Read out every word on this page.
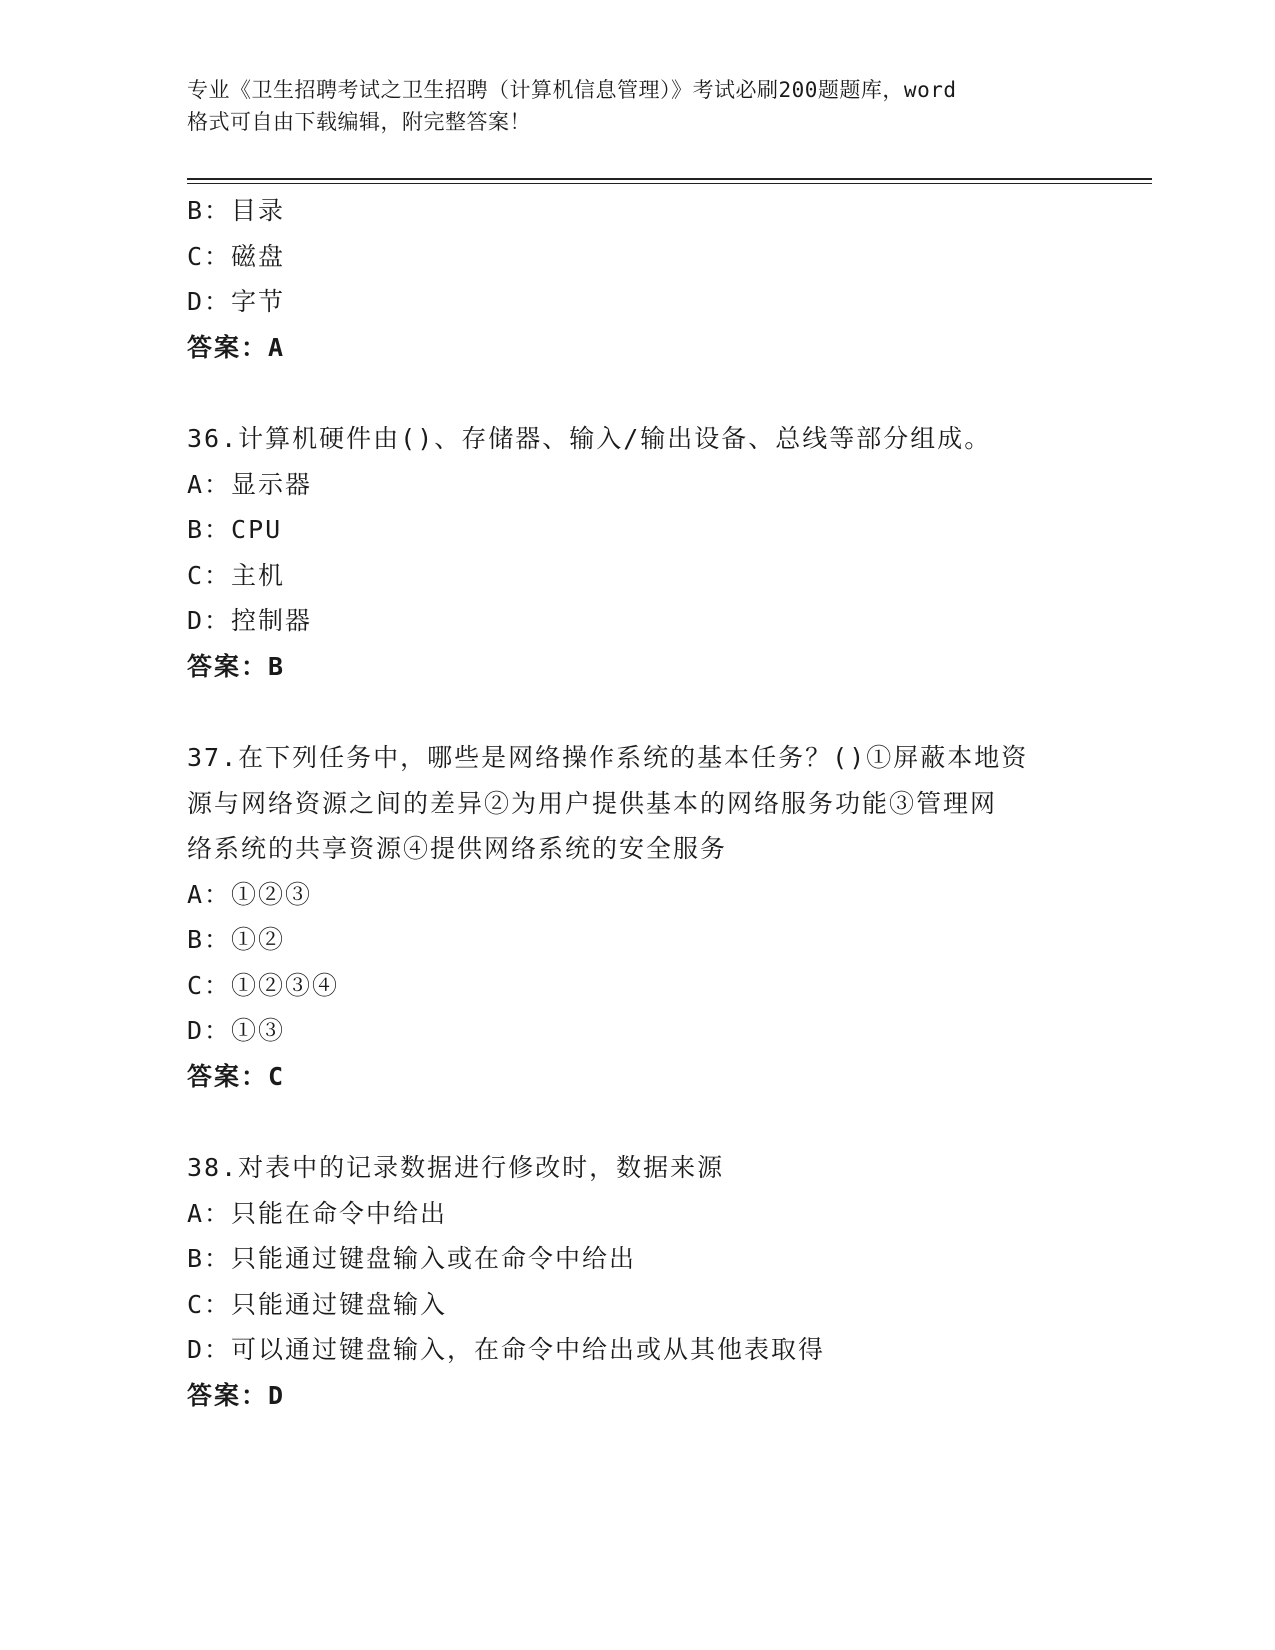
专业《卫生招聘考试之卫生招聘（计算机信息管理）》考试必刷200题题库，word
格式可自由下载编辑，附完整答案！
B：目录
C：磁盘
D：字节
答案：A
36.计算机硬件由()、存储器、输入/输出设备、总线等部分组成。
A：显示器
B：CPU
C：主机
D：控制器
答案：B
37.在下列任务中，哪些是网络操作系统的基本任务？()①屏蔽本地资
源与网络资源之间的差异②为用户提供基本的网络服务功能③管理网
络系统的共享资源④提供网络系统的安全服务
A：①②③
B：①②
C：①②③④
D：①③
答案：C
38.对表中的记录数据进行修改时，数据来源
A：只能在命令中给出
B：只能通过键盘输入或在命令中给出
C：只能通过键盘输入
D：可以通过键盘输入，在命令中给出或从其他表取得
答案：D
